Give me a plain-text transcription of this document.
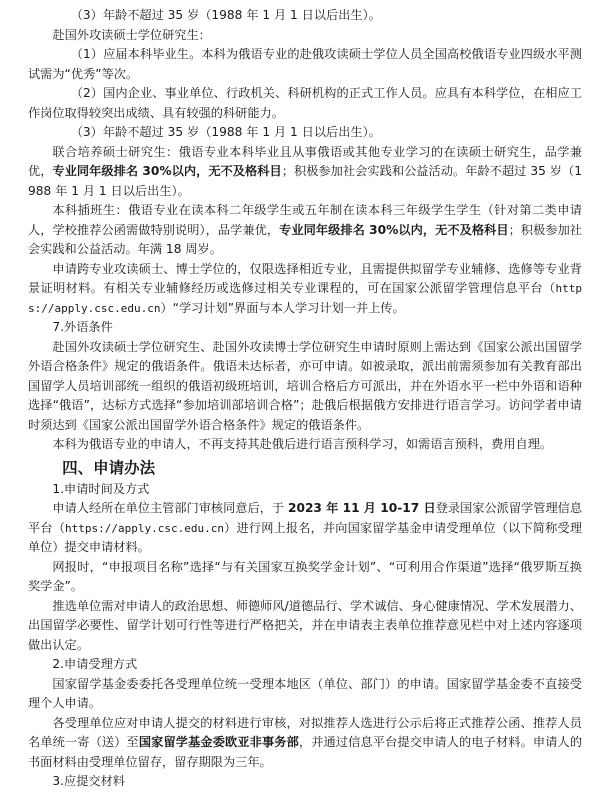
（3）年龄不超过 35 岁（1988 年 1 月 1 日以后出生）。

赴国外攻读硕士学位研究生：

（1）应届本科毕业生。本科为俄语专业的赴俄攻读硕士学位人员全国高校俄语专业四级水平测试需为“优秀”等次。

（2）国内企业、事业单位、行政机关、科研机构的正式工作人员。应具有本科学位，在相应工作岗位取得较突出成绩、具有较强的科研能力。

（3）年龄不超过 35 岁（1988 年 1 月 1 日以后出生）。

联合培养硕士研究生：俄语专业本科毕业且从事俄语或其他专业学习的在读硕士研究生，品学兼优，专业同年级排名 30%以内，无不及格科目；积极参加社会实践和公益活动。年龄不超过 35 岁（1988 年 1 月 1 日以后出生）。

本科插班生：俄语专业在读本科二年级学生或五年制在读本科三年级学生学生（针对第二类申请人，学校推荐公函需做特别说明），品学兼优，专业同年级排名 30%以内，无不及格科目；积极参加社会实践和公益活动。年满 18 周岁。

申请跨专业攻读硕士、博士学位的，仅限选择相近专业，且需提供拟留学专业辅修、选修等专业背景证明材料。有相关专业辅修经历或选修过相关专业课程的，可在国家公派留学管理信息平台（https://apply.csc.edu.cn）“学习计划”界面与本人学习计划一并上传。

7.外语条件

赴国外攻读硕士学位研究生、赴国外攻读博士学位研究生申请时原则上需达到《国家公派出国留学外语合格条件》规定的俄语条件。俄语未达标者，亦可申请。如被录取，派出前需须参加有关教育部出国留学人员培训部统一组织的俄语初级班培训，培训合格后方可派出，并在外语水平一栏中外语和语种选择“俄语”，达标方式选择“参加培训部培训合格”；赴俄后根据俄方安排进行语言学习。访问学者申请时须达到《国家公派出国留学外语合格条件》规定的俄语条件。

本科为俄语专业的申请人，不再支持其赴俄后进行语言预科学习，如需语言预科，费用自理。

四、申请办法

1.申请时间及方式

申请人经所在单位主管部门审核同意后，于 2023 年 11 月 10-17 日登录国家公派留学管理信息平台（https://apply.csc.edu.cn）进行网上报名，并向国家留学基金申请受理单位（以下简称受理单位）提交申请材料。

网报时，“申报项目名称”选择“与有关国家互换奖学金计划”、“可利用合作渠道”选择“俄罗斯互换奖学金”。

推选单位需对申请人的政治思想、师德师风/道德品行、学术诚信、身心健康情况、学术发展潜力、出国留学必要性、留学计划可行性等进行严格把关，并在申请表主表单位推荐意见栏中对上述内容逐项做出认定。

2.申请受理方式

国家留学基金委委托各受理单位统一受理本地区（单位、部门）的申请。国家留学基金委不直接受理个人申请。

各受理单位应对申请人提交的材料进行审核，对拟推荐人选进行公示后将正式推荐公函、推荐人员名单统一寄（送）至国家留学基金委欧亚非事务部，并通过信息平台提交申请人的电子材料。申请人的书面材料由受理单位留存，留存期限为三年。

3.应提交材料
